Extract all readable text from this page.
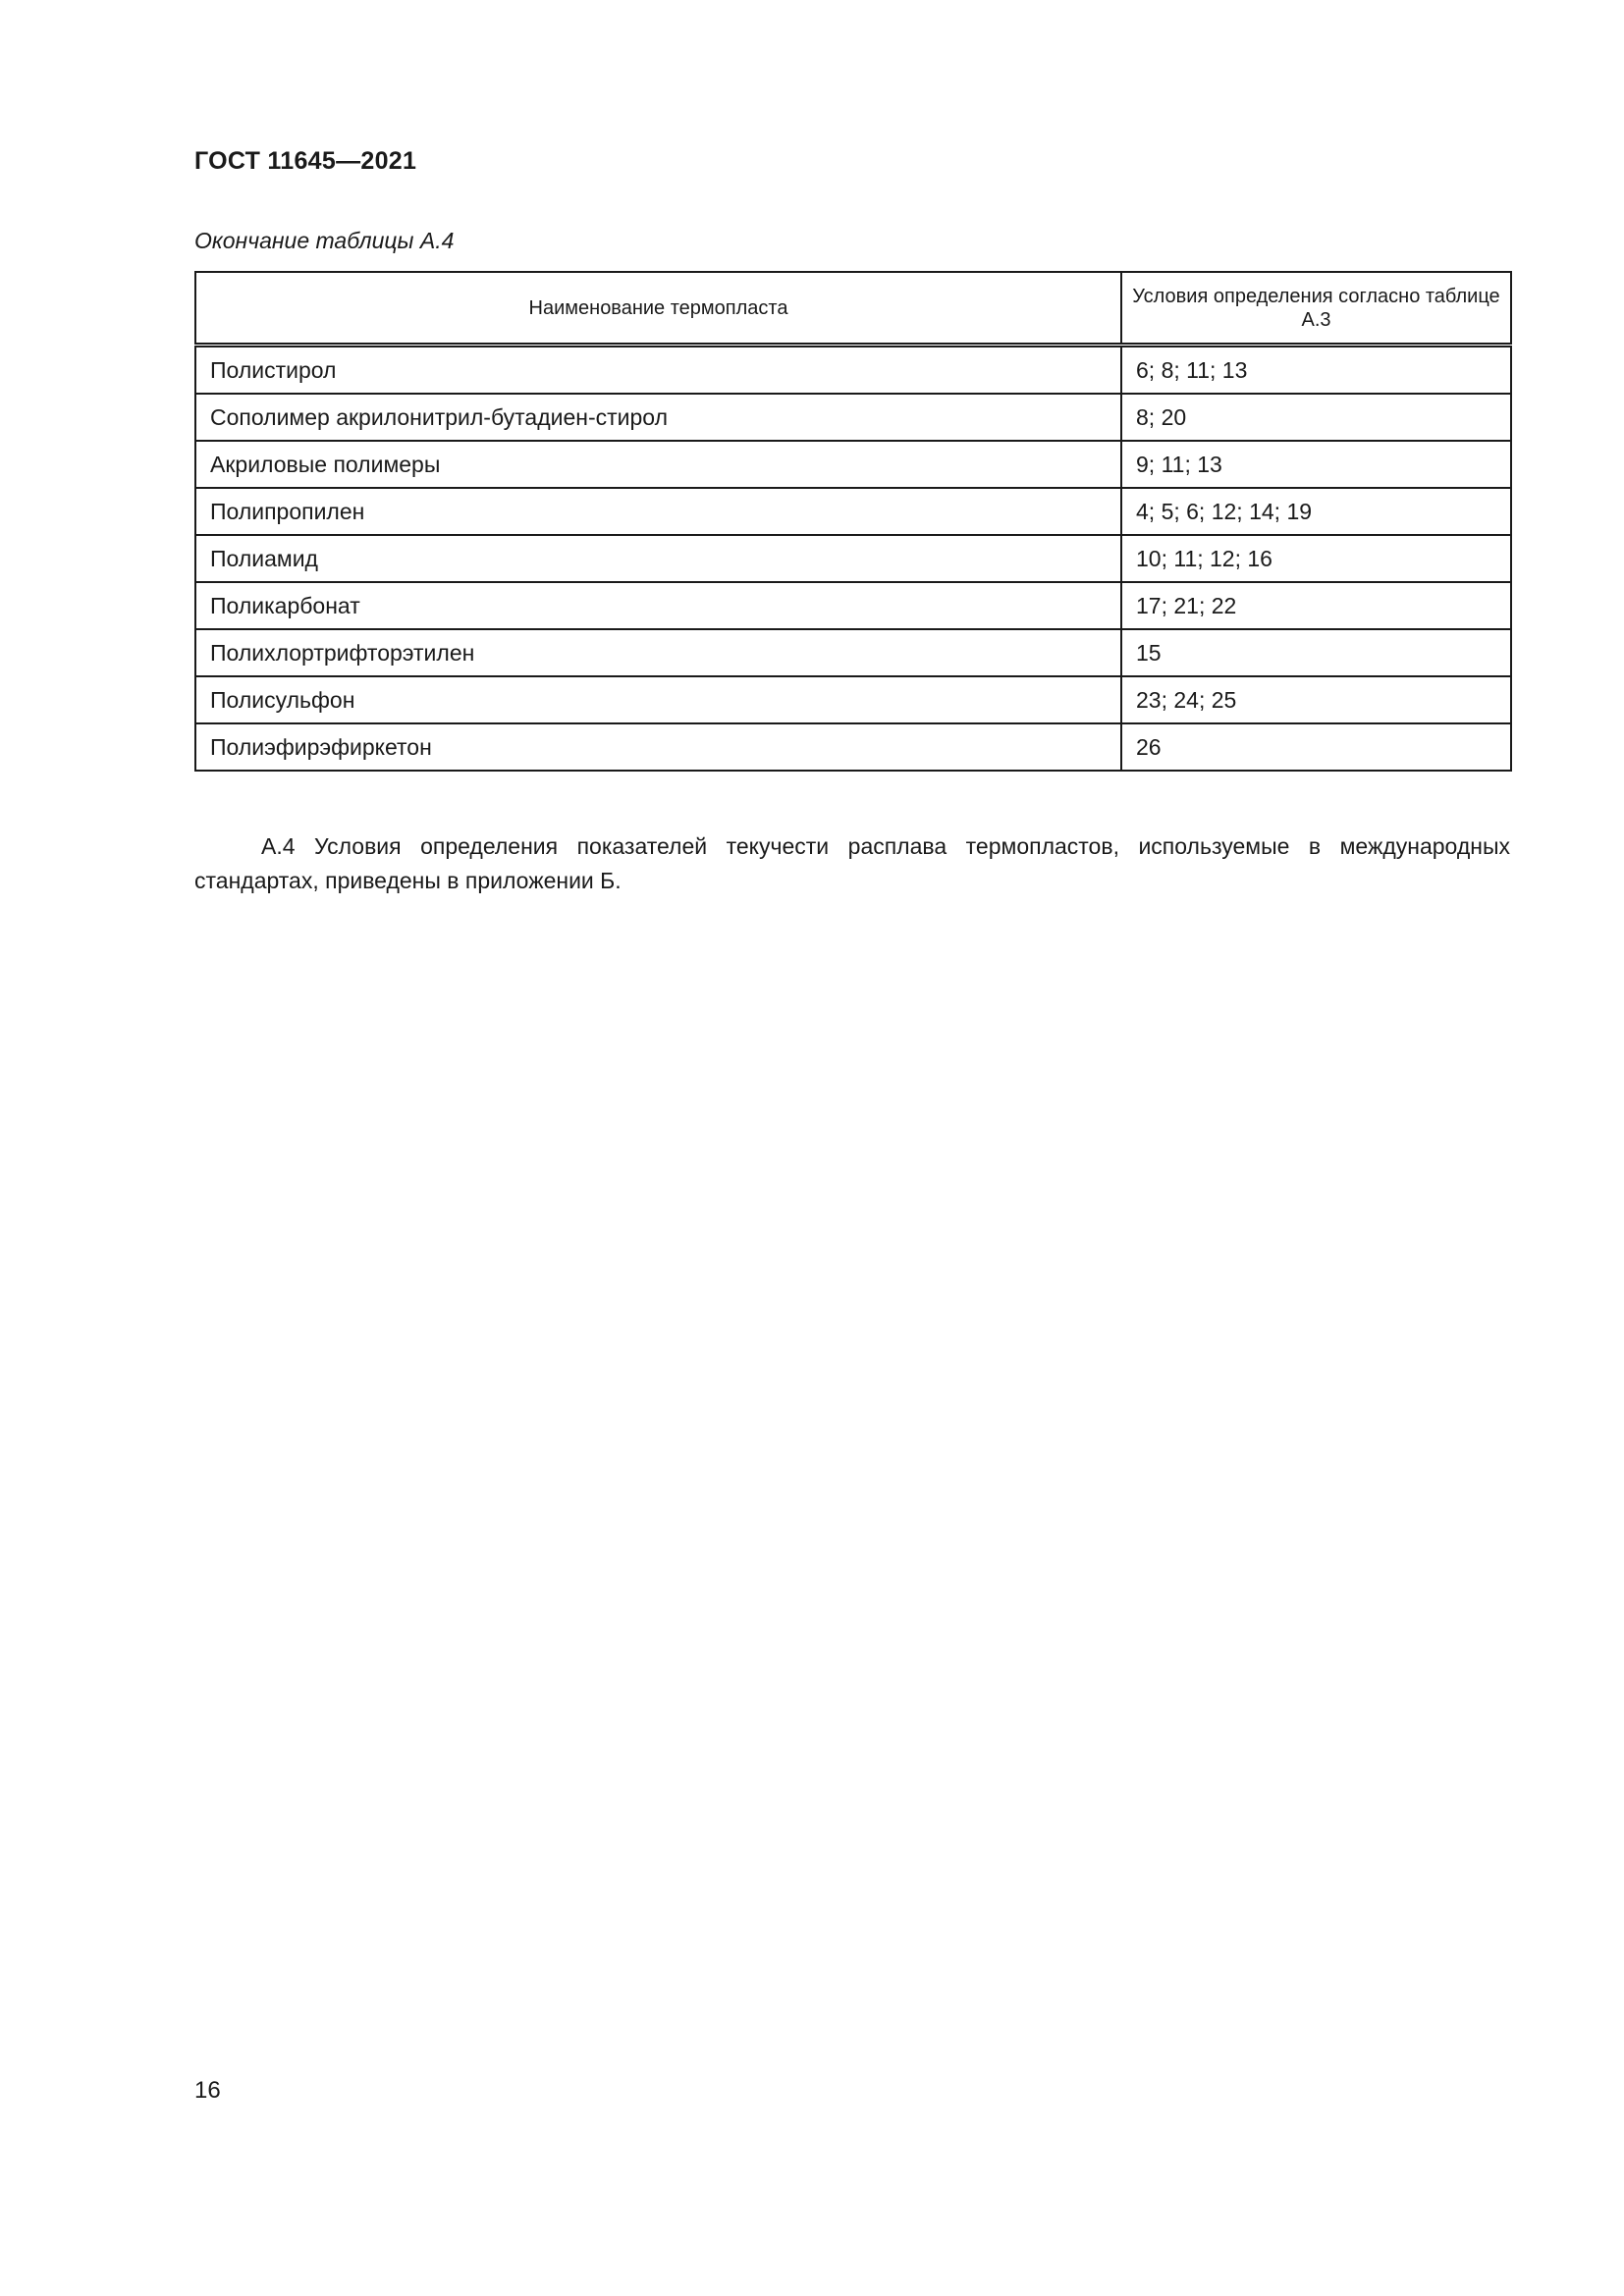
ГОСТ 11645—2021
Окончание таблицы А.4
Наименование термопласта	Условия определения согласно таблице А.3
Полистирол	6; 8; 11; 13
Сополимер акрилонитрил-бутадиен-стирол	8; 20
Акриловые полимеры	9; 11; 13
Полипропилен	4; 5; 6; 12; 14; 19
Полиамид	10; 11; 12; 16
Поликарбонат	17; 21; 22
Полихлортрифторэтилен	15
Полисульфон	23; 24; 25
Полиэфирэфиркетон	26

А.4 Условия определения показателей текучести расплава термопластов, используемые в международных стандартах, приведены в приложении Б.

16
